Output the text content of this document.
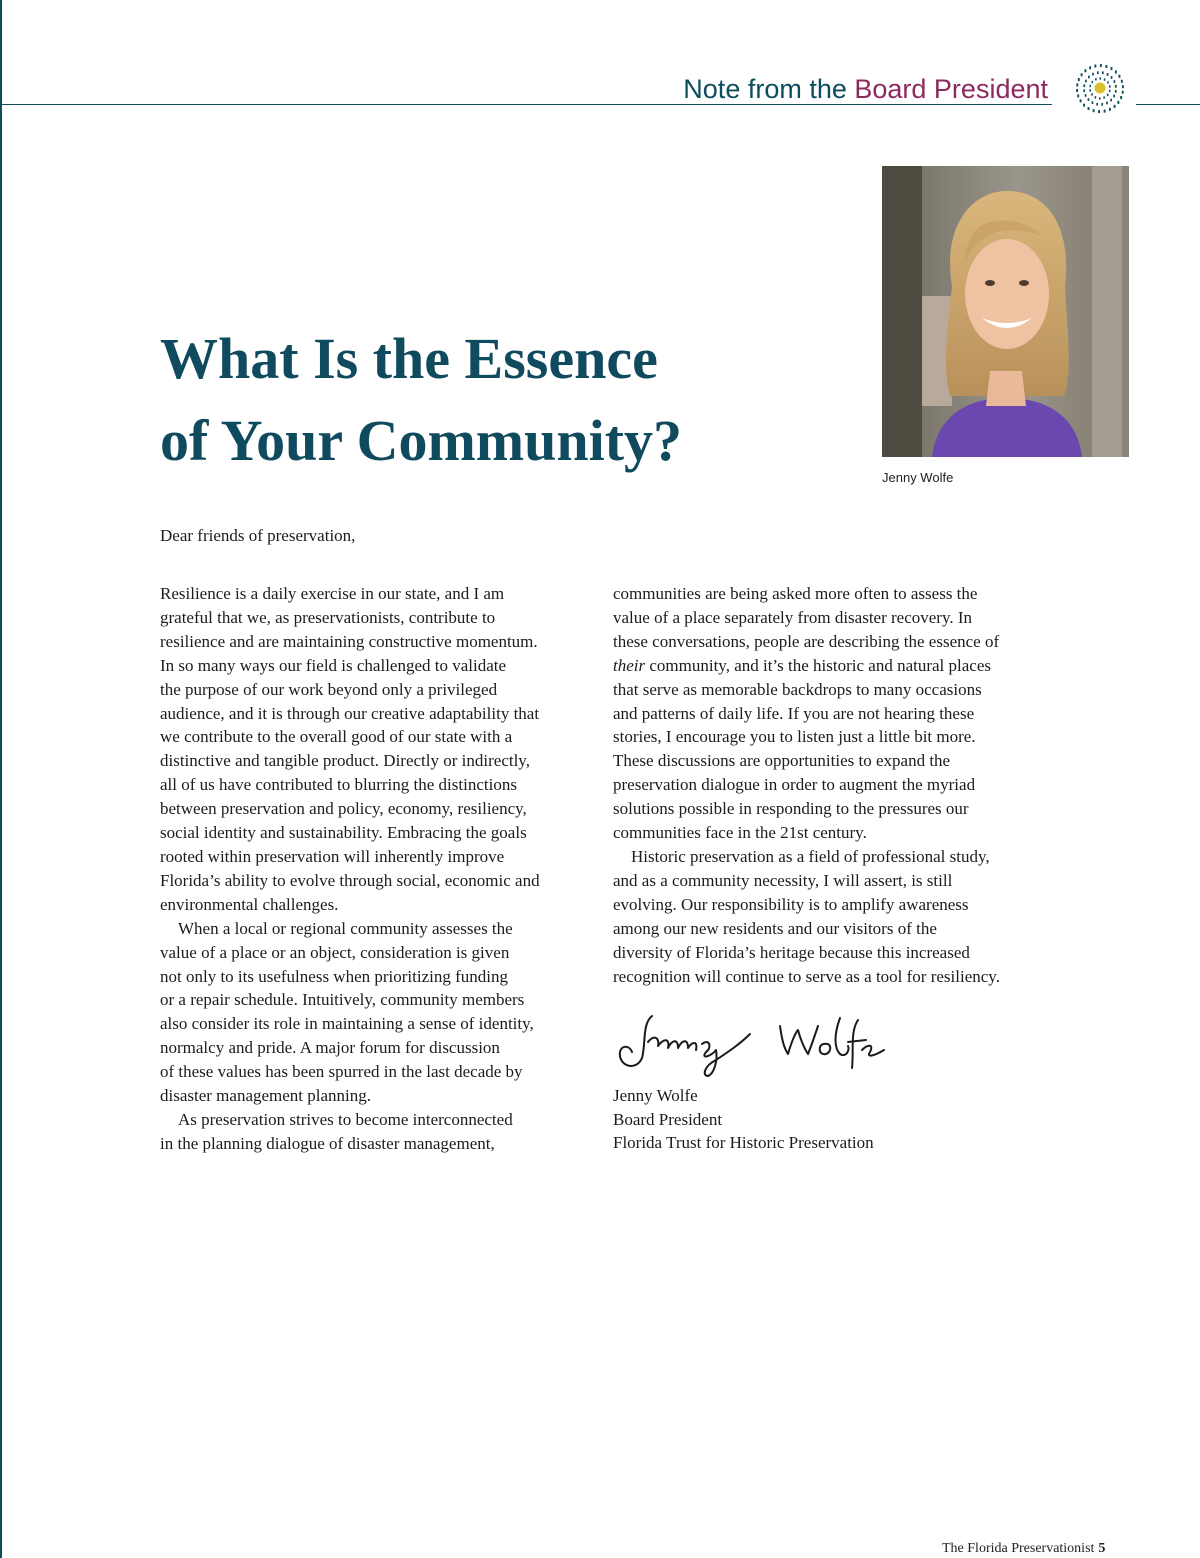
Note from the Board President
Jenny Wolfe
What Is the Essence
of Your Community?
Dear friends of preservation,
Resilience is a daily exercise in our state, and I am
grateful that we, as preservationists, contribute to
resilience and are maintaining constructive momentum.
In so many ways our field is challenged to validate
the purpose of our work beyond only a privileged
audience, and it is through our creative adaptability that
we contribute to the overall good of our state with a
distinctive and tangible product. Directly or indirectly,
all of us have contributed to blurring the distinctions
between preservation and policy, economy, resiliency,
social identity and sustainability. Embracing the goals
rooted within preservation will inherently improve
Florida’s ability to evolve through social, economic and
environmental challenges.
When a local or regional community assesses the
value of a place or an object, consideration is given
not only to its usefulness when prioritizing funding
or a repair schedule. Intuitively, community members
also consider its role in maintaining a sense of identity,
normalcy and pride. A major forum for discussion
of these values has been spurred in the last decade by
disaster management planning.
As preservation strives to become interconnected
in the planning dialogue of disaster management,
communities are being asked more often to assess the
value of a place separately from disaster recovery. In
these conversations, people are describing the essence of
their community, and it’s the historic and natural places
that serve as memorable backdrops to many occasions
and patterns of daily life. If you are not hearing these
stories, I encourage you to listen just a little bit more.
These discussions are opportunities to expand the
preservation dialogue in order to augment the myriad
solutions possible in responding to the pressures our
communities face in the 21st century.
Historic preservation as a field of professional study,
and as a community necessity, I will assert, is still
evolving. Our responsibility is to amplify awareness
among our new residents and our visitors of the
diversity of Florida’s heritage because this increased
recognition will continue to serve as a tool for resiliency.
Jenny Wolfe
Board President
Florida Trust for Historic Preservation
The Florida Preservationist 5
